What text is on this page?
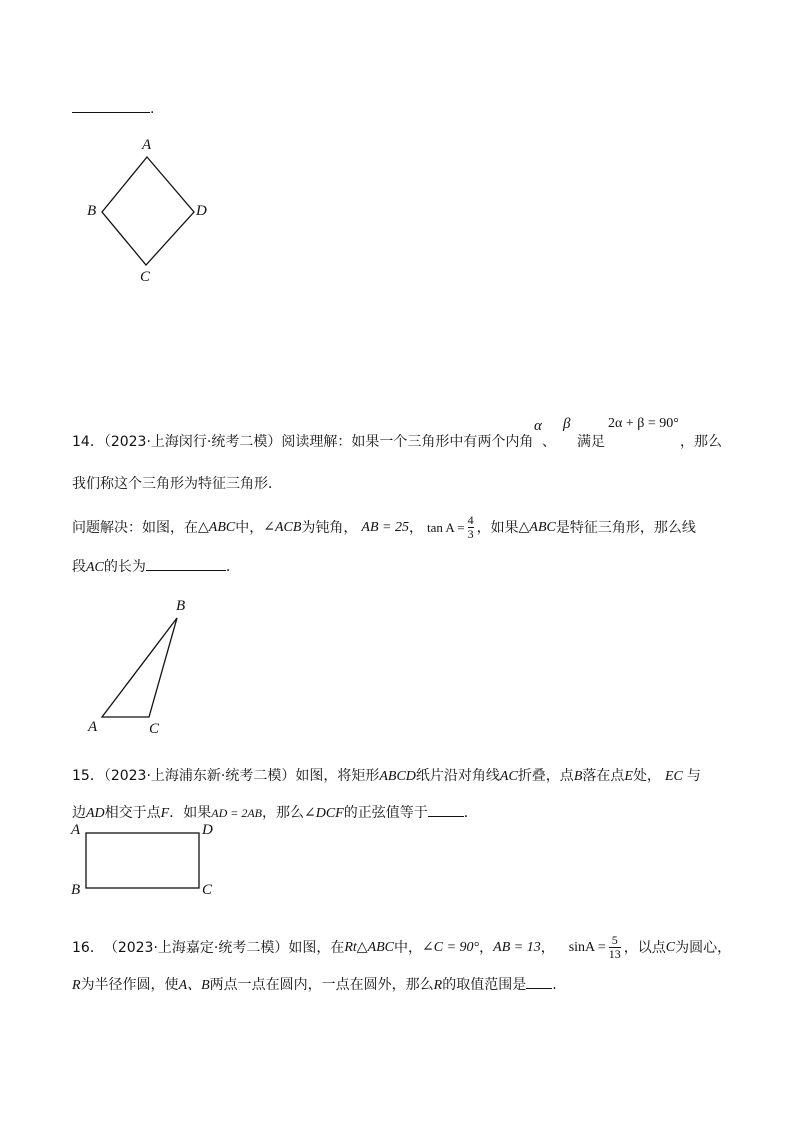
.
A
B	D
C
14．（2023·上海闵行·统考二模）阅读理解：如果一个三角形中有两个内角
α
、
β
满足
2α + β = 90°
，那么
我们称这个三角形为特征三角形．
问题解决：如图，在 △ABC 中， ∠ACB 为钝角， AB = 25 ， $\tan A = \frac{4}{3}$ ，如果 △ABC 是特征三角形，那么线
段AC的长为	．
B
A	C
15．（2023·上海浦东新·统考二模）如图，将矩形ABCD纸片沿对角线AC折叠，点B落在点E处， EC 与
边AD相交于点F．如果AD = 2AB，那么∠DCF的正弦值等于	．
A	D
B	C
16． （2023·上海嘉定·统考二模） 如图，在 Rt△ABC 中， ∠C = 90° ， AB = 13 ， $\sin A = \frac{5}{13}$ ，以点 C 为圆心，
R为半径作圆，使A、B两点一点在圆内，一点在圆外，那么R的取值范围是 .
